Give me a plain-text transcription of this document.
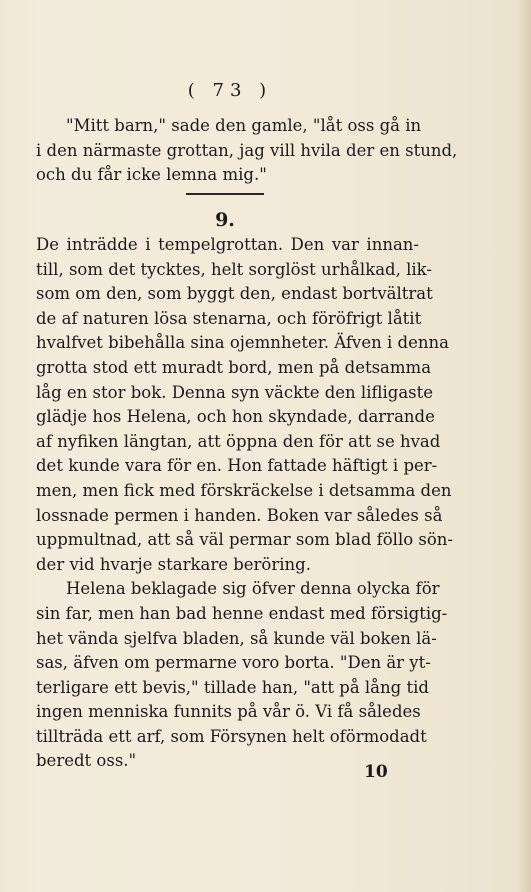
( 73 )
"Mitt barn," sade den gamle, "låt oss gå in
i den närmaste grottan, jag vill hvila der en stund,
och du får icke lemna mig."
9.
De inträdde i tempelgrottan. Den var innan-
till, som det tycktes, helt sorglöst urhålkad, lik-
som om den, som byggt den, endast bortvältrat
de af naturen lösa stenarna, och föröfrigt låtit
hvalfvet bibehålla sina ojemnheter. Äfven i denna
grotta stod ett muradt bord, men på detsamma
låg en stor bok. Denna syn väckte den lifligaste
glädje hos Helena, och hon skyndade, darrande
af nyfiken längtan, att öppna den för att se hvad
det kunde vara för en. Hon fattade häftigt i per-
men, men fick med förskräckelse i detsamma den
lossnade permen i handen. Boken var således så
uppmultnad, att så väl permar som blad föllo sön-
der vid hvarje starkare beröring.
Helena beklagade sig öfver denna olycka för
sin far, men han bad henne endast med försigtig-
het vända sjelfva bladen, så kunde väl boken lä-
sas, äfven om permarne voro borta. "Den är yt-
terligare ett bevis," tillade han, "att på lång tid
ingen menniska funnits på vår ö. Vi få således
tillträda ett arf, som Försynen helt oförmodadt
beredt oss."
10
